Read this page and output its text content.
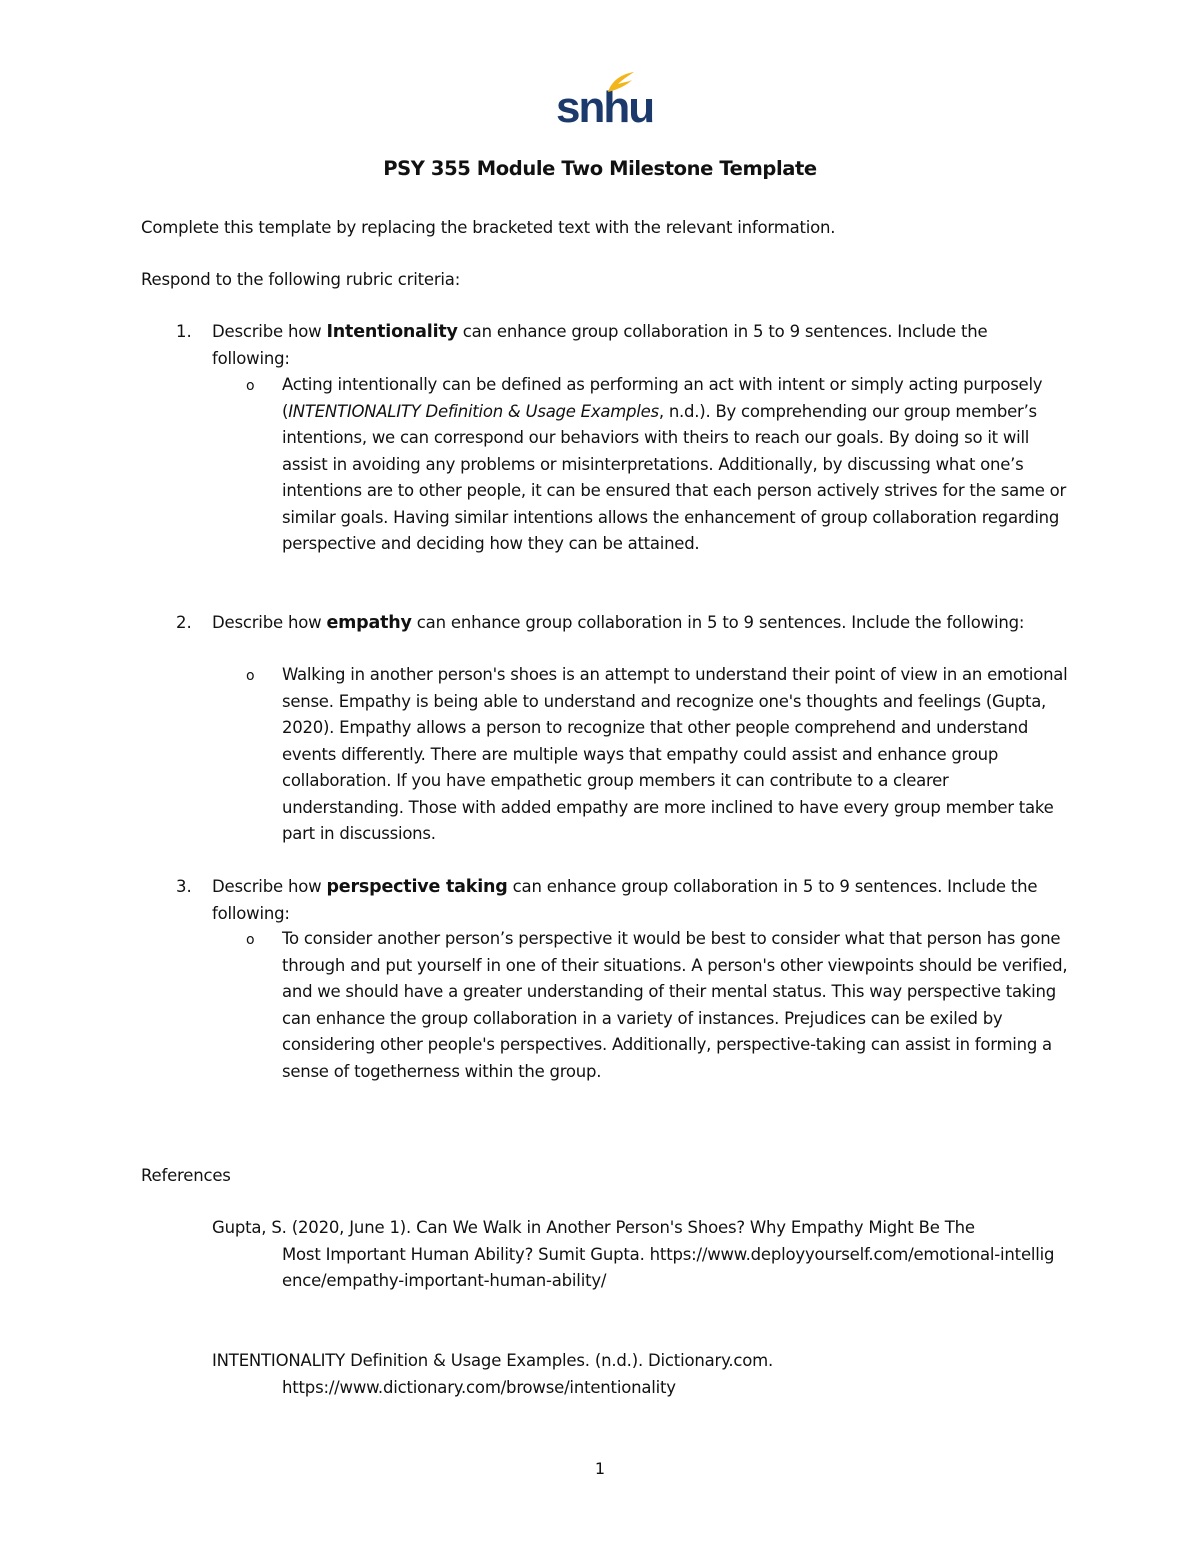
snhu
PSY 355 Module Two Milestone Template
Complete this template by replacing the bracketed text with the relevant information.
Respond to the following rubric criteria:
1. Describe how Intentionality can enhance group collaboration in 5 to 9 sentences. Include the following:
o Acting intentionally can be defined as performing an act with intent or simply acting purposely (INTENTIONALITY Definition & Usage Examples, n.d.). By comprehending our group member’s intentions, we can correspond our behaviors with theirs to reach our goals. By doing so it will assist in avoiding any problems or misinterpretations. Additionally, by discussing what one’s intentions are to other people, it can be ensured that each person actively strives for the same or similar goals. Having similar intentions allows the enhancement of group collaboration regarding perspective and deciding how they can be attained.
2. Describe how empathy can enhance group collaboration in 5 to 9 sentences. Include the following:
o Walking in another person's shoes is an attempt to understand their point of view in an emotional sense. Empathy is being able to understand and recognize one's thoughts and feelings (Gupta, 2020). Empathy allows a person to recognize that other people comprehend and understand events differently. There are multiple ways that empathy could assist and enhance group collaboration. If you have empathetic group members it can contribute to a clearer understanding. Those with added empathy are more inclined to have every group member take part in discussions.
3. Describe how perspective taking can enhance group collaboration in 5 to 9 sentences. Include the following:
o To consider another person’s perspective it would be best to consider what that person has gone through and put yourself in one of their situations. A person's other viewpoints should be verified, and we should have a greater understanding of their mental status. This way perspective taking can enhance the group collaboration in a variety of instances. Prejudices can be exiled by considering other people's perspectives. Additionally, perspective-taking can assist in forming a sense of togetherness within the group.
References
Gupta, S. (2020, June 1). Can We Walk in Another Person's Shoes? Why Empathy Might Be The
Most Important Human Ability? Sumit Gupta. https://www.deployyourself.com/emotional-intelligence/empathy-important-human-ability/
INTENTIONALITY Definition & Usage Examples. (n.d.). Dictionary.com.
https://www.dictionary.com/browse/intentionality
1
